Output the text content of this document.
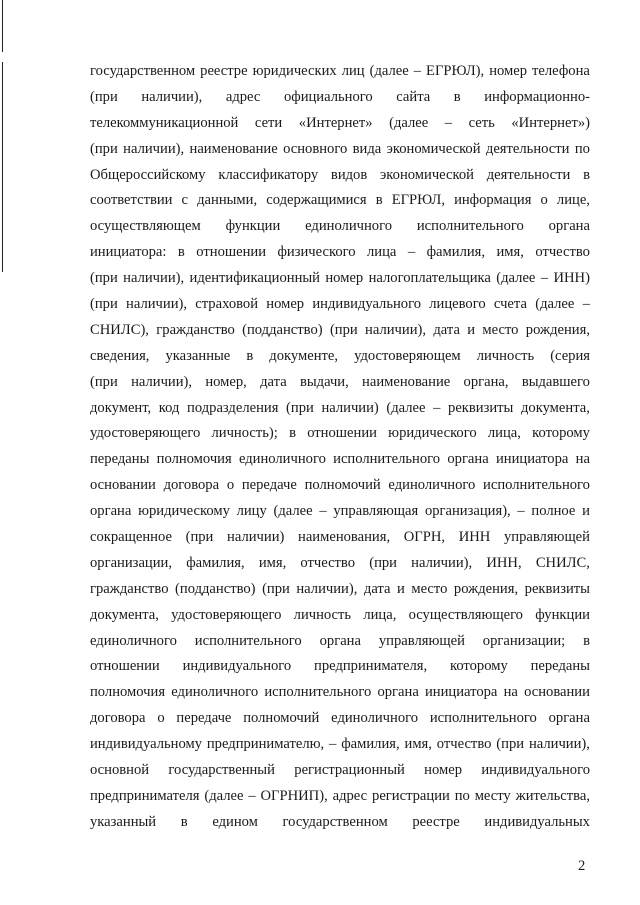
государственном реестре юридических лиц (далее – ЕГРЮЛ), номер телефона
(при наличии), адрес официального сайта в информационно-
телекоммуникационной сети «Интернет» (далее – сеть «Интернет»)
(при наличии), наименование основного вида экономической деятельности по
Общероссийскому классификатору видов экономической деятельности в
соответствии с данными, содержащимися в ЕГРЮЛ, информация о лице,
осуществляющем функции единоличного исполнительного органа
инициатора: в отношении физического лица – фамилия, имя, отчество
(при наличии), идентификационный номер налогоплательщика (далее – ИНН)
(при наличии), страховой номер индивидуального лицевого счета (далее –
СНИЛС), гражданство (подданство) (при наличии), дата и место рождения,
сведения, указанные в документе, удостоверяющем личность (серия
(при наличии), номер, дата выдачи, наименование органа, выдавшего
документ, код подразделения (при наличии) (далее – реквизиты документа,
удостоверяющего личность); в отношении юридического лица, которому
переданы полномочия единоличного исполнительного органа инициатора на
основании договора о передаче полномочий единоличного исполнительного
органа юридическому лицу (далее – управляющая организация), – полное и
сокращенное (при наличии) наименования, ОГРН, ИНН управляющей
организации, фамилия, имя, отчество (при наличии), ИНН, СНИЛС,
гражданство (подданство) (при наличии), дата и место рождения, реквизиты
документа, удостоверяющего личность лица, осуществляющего функции
единоличного исполнительного органа управляющей организации; в
отношении индивидуального предпринимателя, которому переданы
полномочия единоличного исполнительного органа инициатора на основании
договора о передаче полномочий единоличного исполнительного органа
индивидуальному предпринимателю, – фамилия, имя, отчество (при наличии),
основной государственный регистрационный номер индивидуального
предпринимателя (далее – ОГРНИП), адрес регистрации по месту жительства,
указанный в едином государственном реестре индивидуальных
2
